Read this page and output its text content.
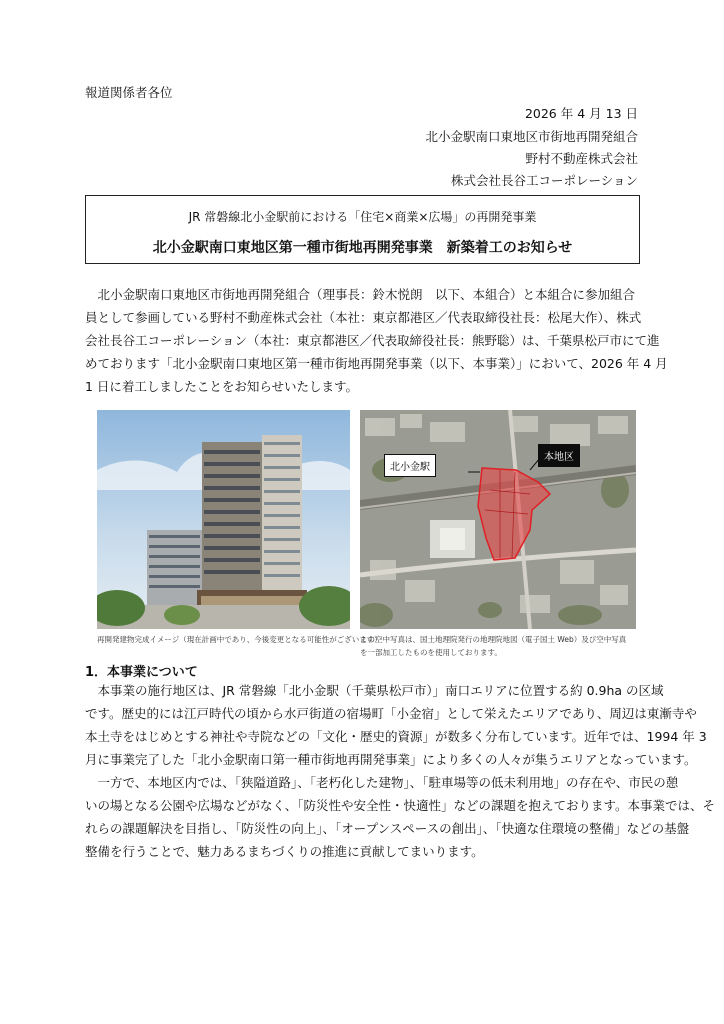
報道関係者各位
2026 年 4 月 13 日
北小金駅南口東地区市街地再開発組合
野村不動産株式会社
株式会社長谷工コーポレーション
JR 常磐線北小金駅前における「住宅×商業×広場」の再開発事業
北小金駅南口東地区第一種市街地再開発事業　新築着工のお知らせ
　北小金駅南口東地区市街地再開発組合（理事長：鈴木悦朗　以下、本組合）と本組合に参加組合
員として参画している野村不動産株式会社（本社：東京都港区／代表取締役社長：松尾大作）、株式
会社長谷工コーポレーション（本社：東京都港区／代表取締役社長：熊野聡）は、千葉県松戸市にて進
めております「北小金駅南口東地区第一種市街地再開発事業（以下、本事業）」において、2026 年 4 月
1 日に着工しましたことをお知らせいたします。
北小金駅
本地区
再開発建物完成イメージ（現在計画中であり、今後変更となる可能性がございます）
この空中写真は、国土地理院発行の地理院地図（電子国土 Web）及び空中写真
を一部加工したものを使用しております。
1．本事業について
　本事業の施行地区は、JR 常磐線「北小金駅（千葉県松戸市）」南口エリアに位置する約 0.9ha の区域
です。歴史的には江戸時代の頃から水戸街道の宿場町「小金宿」として栄えたエリアであり、周辺は東漸寺や
本土寺をはじめとする神社や寺院などの「文化・歴史的資源」が数多く分布しています。近年では、1994 年 3
月に事業完了した「北小金駅南口第一種市街地再開発事業」により多くの人々が集うエリアとなっています。
　一方で、本地区内では、「狭隘道路」、「老朽化した建物」、「駐車場等の低未利用地」の存在や、市民の憩
いの場となる公園や広場などがなく、「防災性や安全性・快適性」などの課題を抱えております。本事業では、そ
れらの課題解決を目指し、「防災性の向上」、「オープンスペースの創出」、「快適な住環境の整備」などの基盤
整備を行うことで、魅力あるまちづくりの推進に貢献してまいります。
